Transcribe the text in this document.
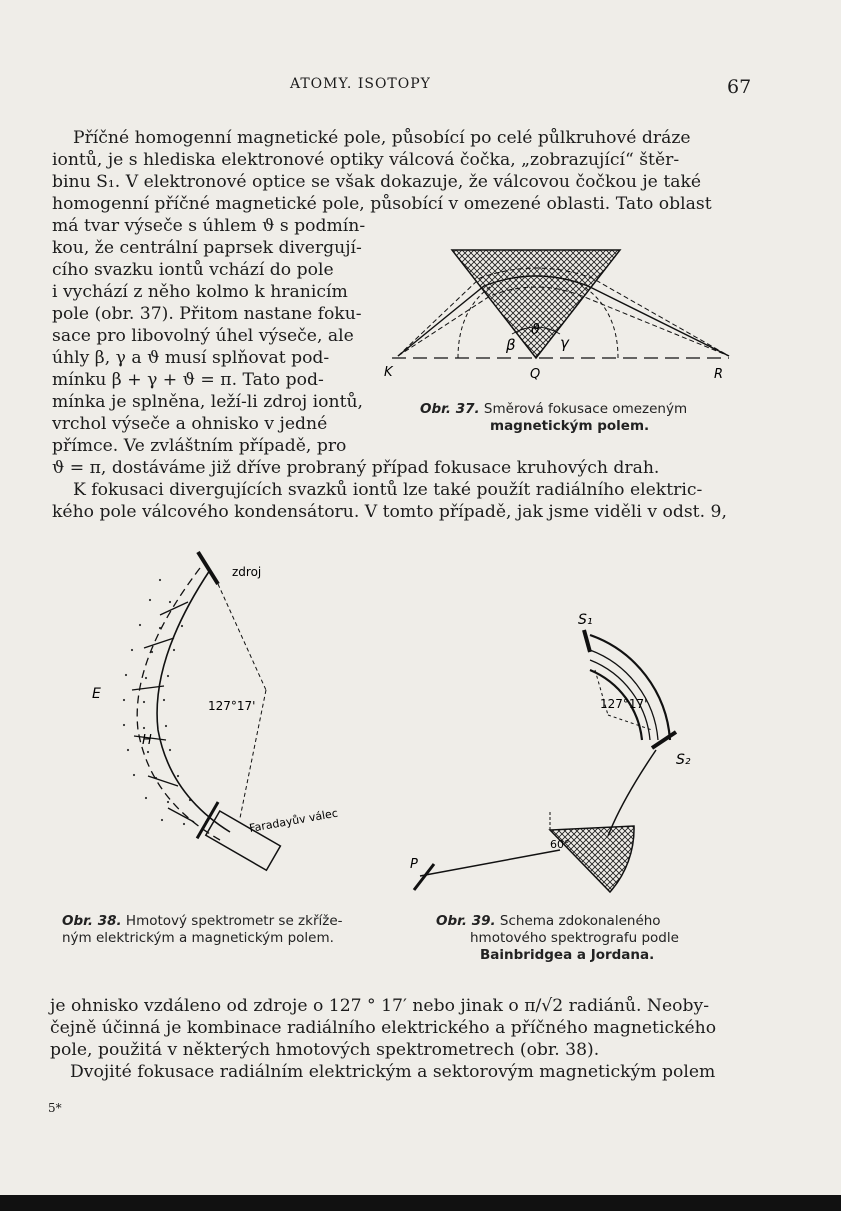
ATOMY. ISOTOPY	67
Příčné homogenní magnetické pole, působící po celé půlkruhové dráze
iontů, je s hlediska elektronové optiky válcová čočka, „zobrazující“ štěr-
binu S₁. V elektronové optice se však dokazuje, že válcovou čočkou je také
homogenní příčné magnetické pole, působící v omezené oblasti. Tato oblast
má tvar výseče s úhlem ϑ s podmín-
kou, že centrální paprsek divergují-
cího svazku iontů vchází do pole
i vychází z něho kolmo k hranicím
pole (obr. 37). Přitom nastane foku-
sace pro libovolný úhel výseče, ale
úhly β, γ a ϑ musí splňovat pod-
mínku β + γ + ϑ = π. Tato pod-
mínka je splněna, leží-li zdroj iontů,
vrchol výseče a ohnisko v jedné
přímce. Ve zvláštním případě, pro
ϑ = π, dostáváme již dříve probraný případ fokusace kruhových drah.
K fokusaci divergujících svazků iontů lze také použít radiálního elektric-
kého pole válcového kondensátoru. V tomto případě, jak jsme viděli v odst. 9,
K	Q	R
β	γ
ϑ
Obr. 37. Směrová fokusace omezeným
magnetickým polem.
zdroj
127°17'
E
H
Faradayův válec
Obr. 38. Hmotový spektrometr se zkříže-
ným elektrickým a magnetickým polem.
S₁
S₂
127°17'
60°
P
Obr. 39. Schema zdokonaleného
hmotového spektrografu podle
Bainbridgea a Jordana.
je ohnisko vzdáleno od zdroje o 127 ° 17′ nebo jinak o π/√2 radiánů. Neoby-
čejně účinná je kombinace radiálního elektrického a příčného magnetického
pole, použitá v některých hmotových spektrometrech (obr. 38).
Dvojité fokusace radiálním elektrickým a sektorovým magnetickým polem
5*
